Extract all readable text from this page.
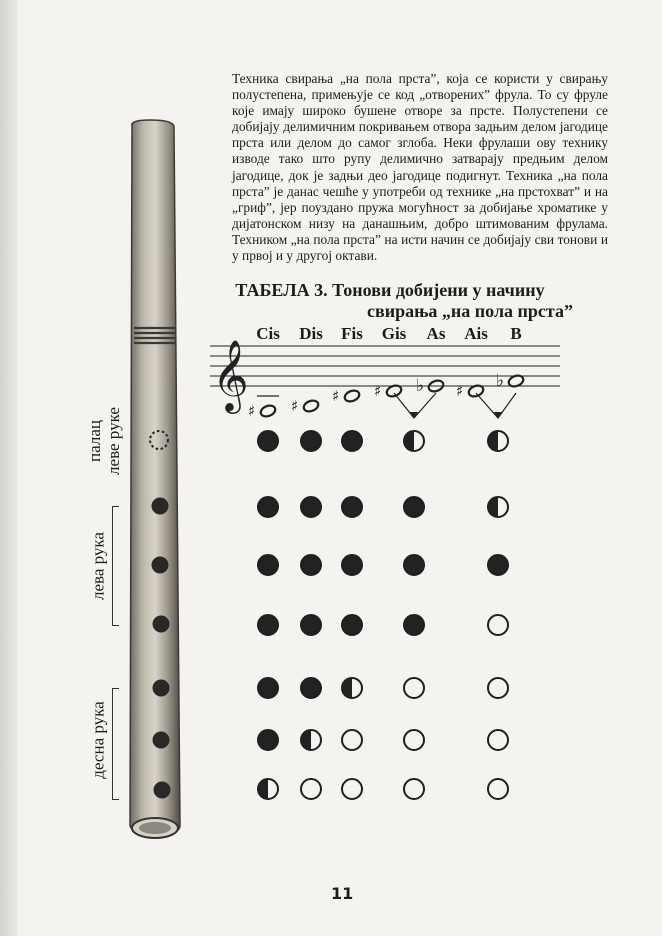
Техника свирања „на пола прста”, која се користи у свирању полустепена, примењује се код „отворених” фрула. То су фруле које имају широко бушене отворе за прсте. Полустепени се добијају делимичним покривањем отвора задњим делом јагодице прста или делом до самог зглоба. Неки фрулаши ову технику изводе тако што рупу делимично затварају предњим делом јагодице, док је задњи део јагодице подигнут. Техника „на пола прста” је данас чешће у употреби од технике „на прстохват” и на „гриф”, јер поуздано пружа могућност за добијање хроматике у дијатонском низу на данашњим, добро штимованим фрулама. Техником „на пола прста” на исти начин се добијају сви тонови и у првој и у другој октави.

ТАБЕЛА 3. Тонови добијени у начину
свирања „на пола прста”
Cis Dis Fis Gis As Ais B
𝄞 ♯ ♯
♯ ♯ ♭ ♯ ♭
палац
леве руке
лева рука
десна рука
11
